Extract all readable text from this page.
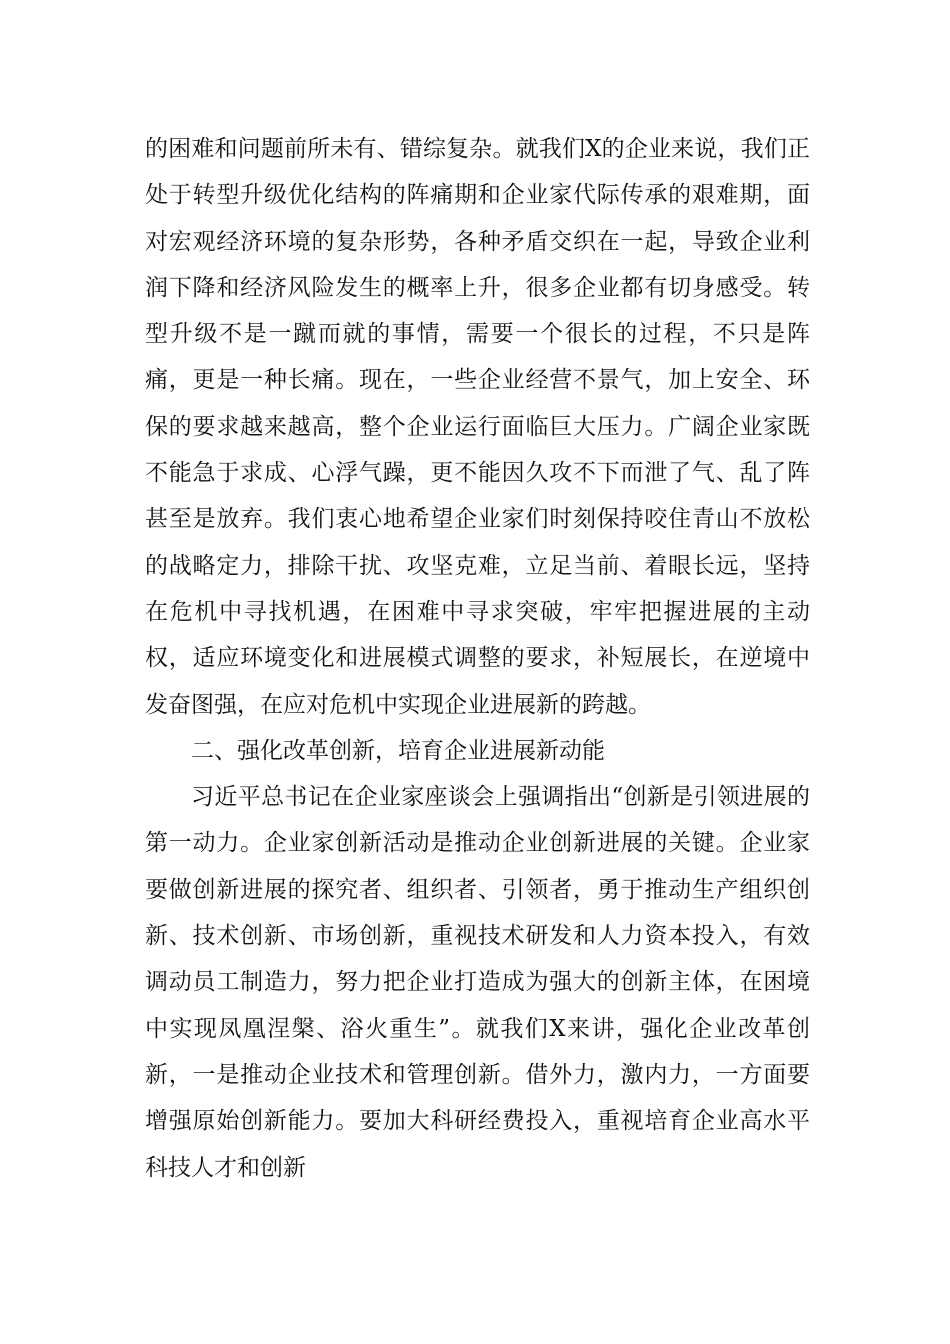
的困难和问题前所未有、错综复杂。就我们X的企业来说，我们正处于转型升级优化结构的阵痛期和企业家代际传承的艰难期，面对宏观经济环境的复杂形势，各种矛盾交织在一起，导致企业利润下降和经济风险发生的概率上升，很多企业都有切身感受。转型升级不是一蹴而就的事情，需要一个很长的过程，不只是阵痛，更是一种长痛。现在，一些企业经营不景气，加上安全、环保的要求越来越高，整个企业运行面临巨大压力。广阔企业家既不能急于求成、心浮气躁，更不能因久攻不下而泄了气、乱了阵甚至是放弃。我们衷心地希望企业家们时刻保持咬住青山不放松的战略定力，排除干扰、攻坚克难，立足当前、着眼长远，坚持在危机中寻找机遇，在困难中寻求突破，牢牢把握进展的主动权，适应环境变化和进展模式调整的要求，补短展长，在逆境中发奋图强，在应对危机中实现企业进展新的跨越。

二、强化改革创新，培育企业进展新动能

习近平总书记在企业家座谈会上强调指出“创新是引领进展的第一动力。企业家创新活动是推动企业创新进展的关键。企业家要做创新进展的探究者、组织者、引领者，勇于推动生产组织创新、技术创新、市场创新，重视技术研发和人力资本投入，有效调动员工制造力，努力把企业打造成为强大的创新主体，在困境中实现凤凰涅槃、浴火重生”。就我们X来讲，强化企业改革创新，一是推动企业技术和管理创新。借外力，激内力，一方面要增强原始创新能力。要加大科研经费投入，重视培育企业高水平科技人才和创新
